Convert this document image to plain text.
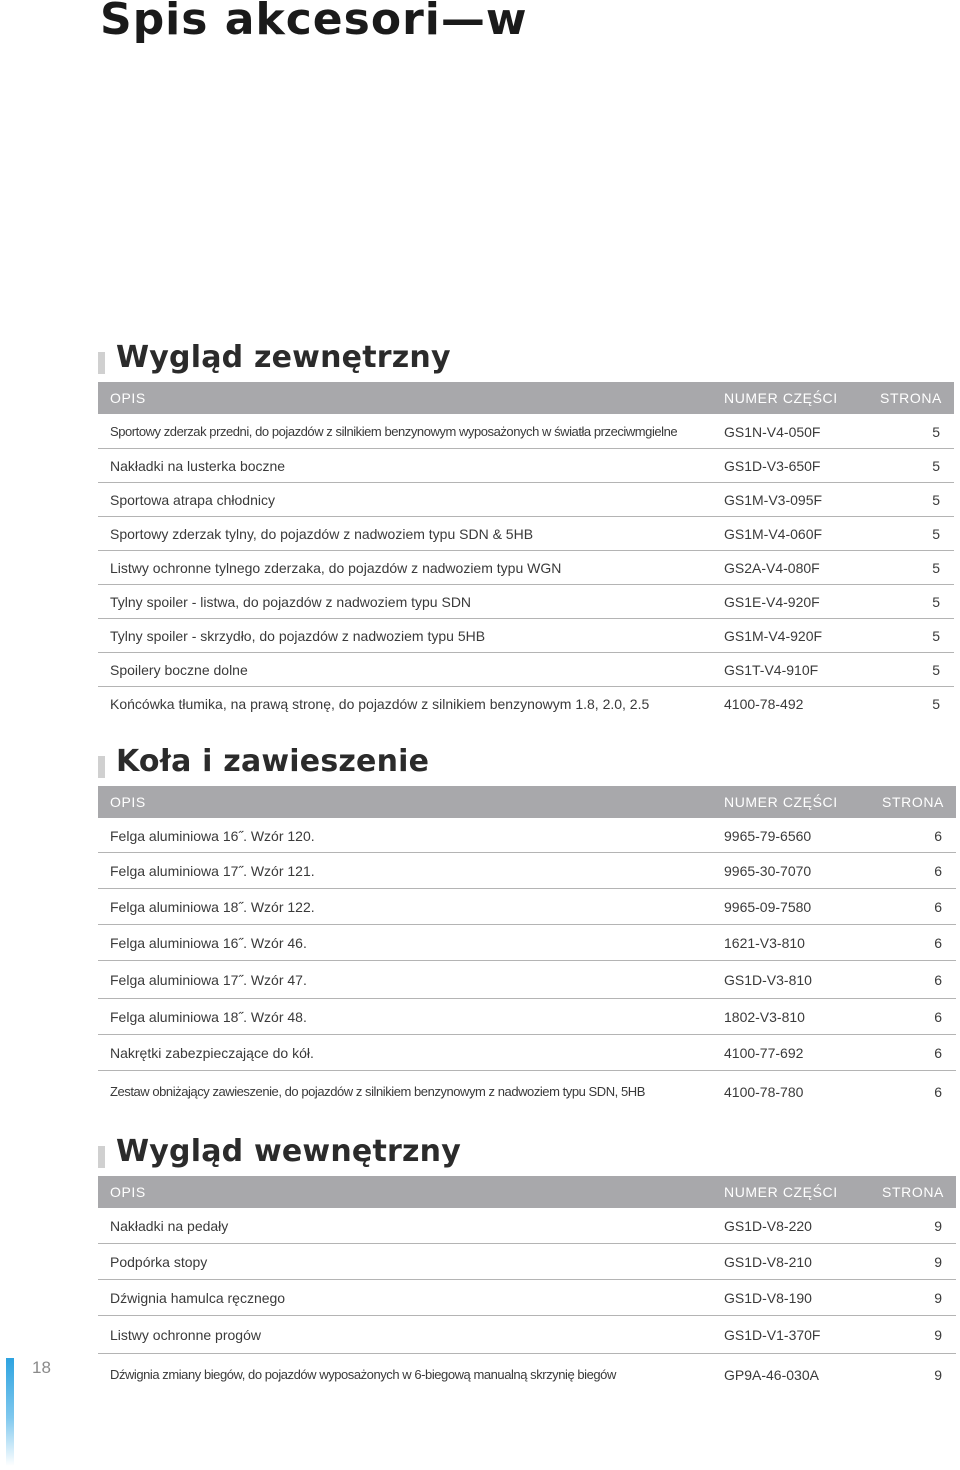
Spis akcesori—w
Wygląd zewnętrzny
OPIS	NUMER CZĘŚCI	STRONA
Sportowy zderzak przedni, do pojazdów z silnikiem benzynowym wyposażonych w światła przeciwmgielne	GS1N-V4-050F	5
Nakładki na lusterka boczne	GS1D-V3-650F	5
Sportowa atrapa chłodnicy	GS1M-V3-095F	5
Sportowy zderzak tylny, do pojazdów z nadwoziem typu SDN & 5HB	GS1M-V4-060F	5
Listwy ochronne tylnego zderzaka, do pojazdów z nadwoziem typu WGN	GS2A-V4-080F	5
Tylny spoiler - listwa, do pojazdów z nadwoziem typu SDN	GS1E-V4-920F	5
Tylny spoiler - skrzydło, do pojazdów z nadwoziem typu 5HB	GS1M-V4-920F	5
Spoilery boczne dolne	GS1T-V4-910F	5
Końcówka tłumika, na prawą stronę, do pojazdów z silnikiem benzynowym 1.8, 2.0, 2.5	4100-78-492	5
Koła i zawieszenie
OPIS	NUMER CZĘŚCI	STRONA
Felga aluminiowa 16˝. Wzór 120.	9965-79-6560	6
Felga aluminiowa 17˝. Wzór 121.	9965-30-7070	6
Felga aluminiowa 18˝. Wzór 122.	9965-09-7580	6
Felga aluminiowa 16˝. Wzór 46.	1621-V3-810	6
Felga aluminiowa 17˝. Wzór 47.	GS1D-V3-810	6
Felga aluminiowa 18˝. Wzór 48.	1802-V3-810	6
Nakrętki zabezpieczające do kół.	4100-77-692	6
Zestaw obniżający zawieszenie, do pojazdów z silnikiem benzynowym z nadwoziem typu SDN, 5HB	4100-78-780	6
Wygląd wewnętrzny
OPIS	NUMER CZĘŚCI	STRONA
Nakładki na pedały	GS1D-V8-220	9
Podpórka stopy	GS1D-V8-210	9
Dźwignia hamulca ręcznego	GS1D-V8-190	9
Listwy ochronne progów	GS1D-V1-370F	9
Dźwignia zmiany biegów, do pojazdów wyposażonych w 6-biegową manualną skrzynię biegów	GP9A-46-030A	9
18
